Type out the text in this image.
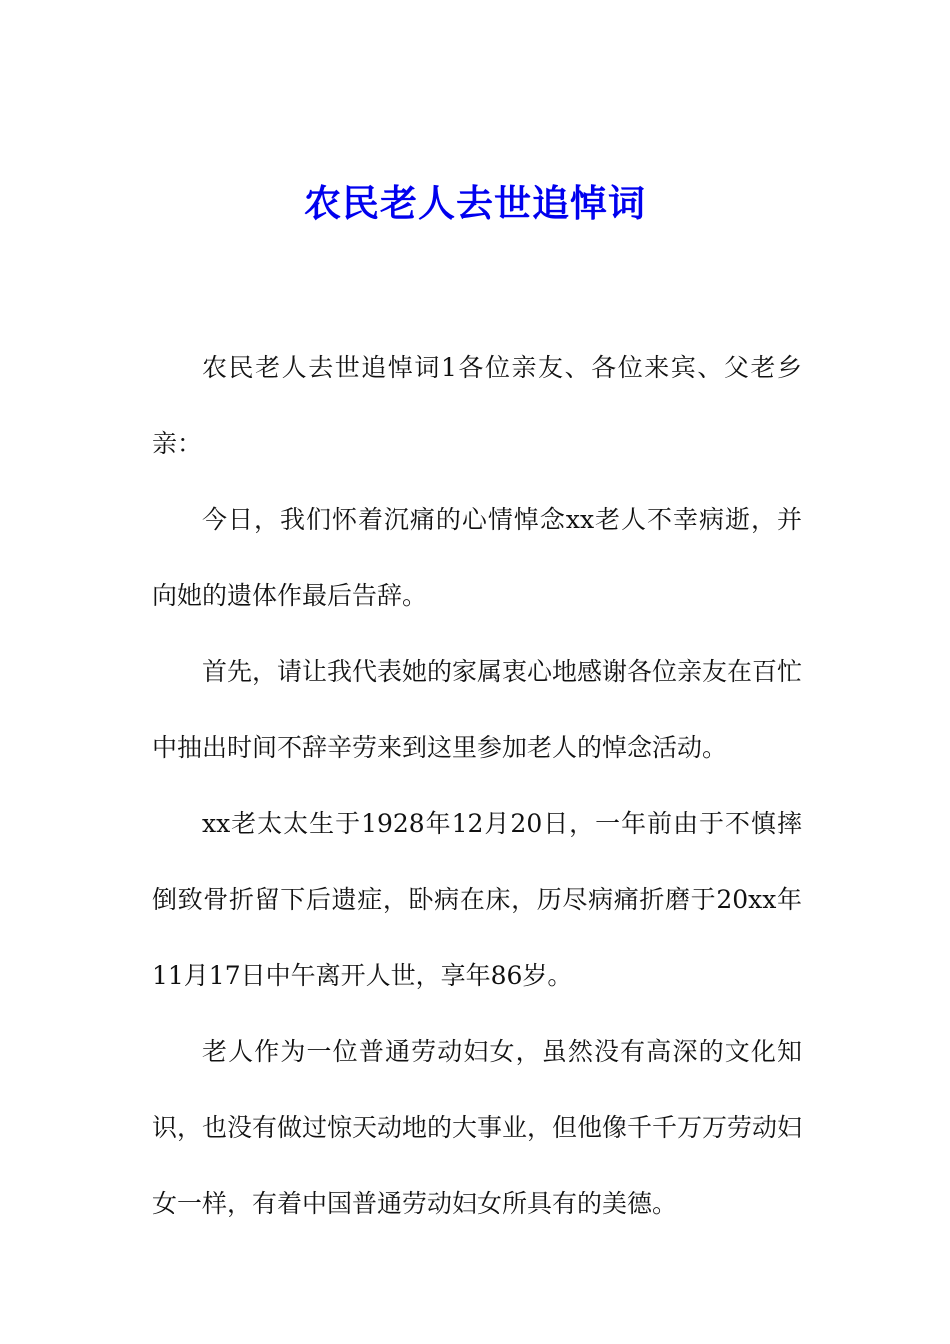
农民老人去世追悼词

农民老人去世追悼词1各位亲友、各位来宾、父老乡亲：

今日，我们怀着沉痛的心情悼念xx老人不幸病逝，并向她的遗体作最后告辞。

首先，请让我代表她的家属衷心地感谢各位亲友在百忙中抽出时间不辞辛劳来到这里参加老人的悼念活动。

xx老太太生于1928年12月20日，一年前由于不慎摔倒致骨折留下后遗症，卧病在床，历尽病痛折磨于20xx年11月17日中午离开人世，享年86岁。

老人作为一位普通劳动妇女，虽然没有高深的文化知识，也没有做过惊天动地的大事业，但他像千千万万劳动妇女一样，有着中国普通劳动妇女所具有的美德。
